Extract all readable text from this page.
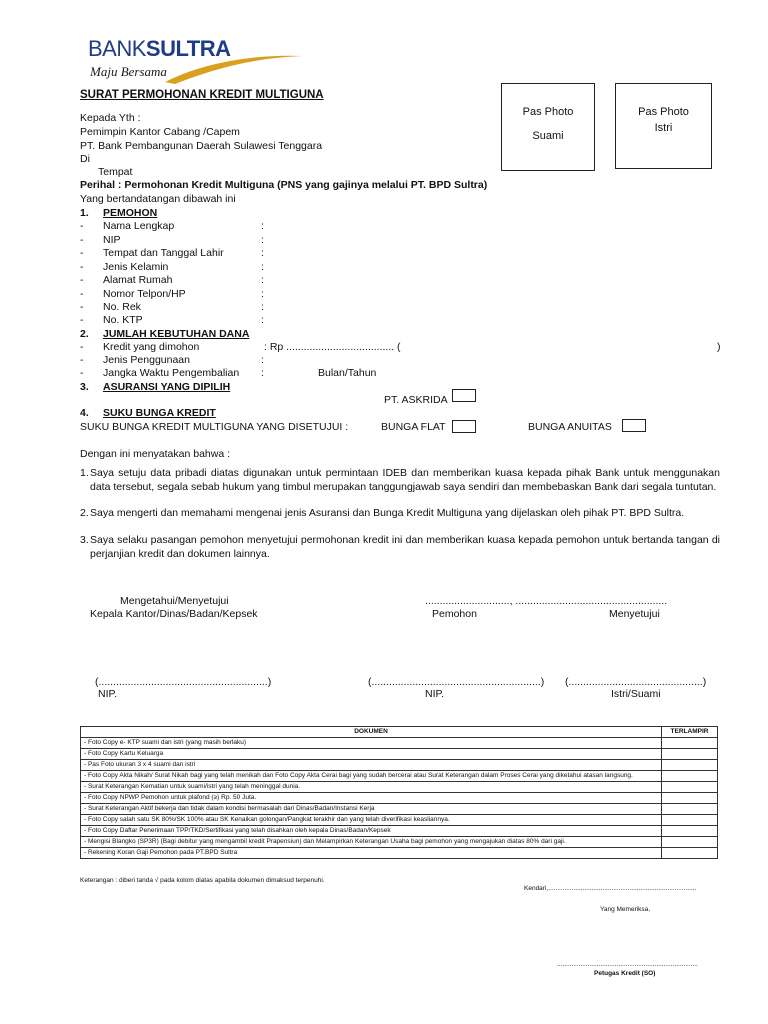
BANKSULTRA
Maju Bersama
SURAT PERMOHONAN KREDIT MULTIGUNA
Pas Photo
Suami
Pas Photo
Istri
Kepada Yth :
Pemimpin Kantor Cabang /Capem
PT. Bank Pembangunan Daerah Sulawesi Tenggara
Di
Tempat
Perihal : Permohonan Kredit Multiguna (PNS yang gajinya melalui PT. BPD Sultra)
Yang bertandatangan dibawah ini
1. PEMOHON
- Nama Lengkap	:
- NIP	:
- Tempat dan Tanggal Lahir	:
- Jenis Kelamin	:
- Alamat Rumah	:
- Nomor Telpon/HP	:
- No. Rek	:
- No. KTP	:
2. JUMLAH KEBUTUHAN DANA
- Kredit yang dimohon	: Rp ..................................... (	)
- Jenis Penggunaan	:
- Jangka Waktu Pengembalian :	Bulan/Tahun
3. ASURANSI YANG DIPILIH
PT. ASKRIDA
4. SUKU BUNGA KREDIT
SUKU BUNGA KREDIT MULTIGUNA YANG DISETUJUI :	BUNGA FLAT	BUNGA ANUITAS
Dengan ini menyatakan bahwa :
1. Saya setuju data pribadi diatas digunakan untuk permintaan IDEB dan memberikan kuasa kepada pihak Bank untuk menggunakan data tersebut, segala sebab hukum yang timbul merupakan tanggungjawab saya sendiri dan membebaskan Bank dari segala tuntutan.
2. Saya mengerti dan memahami mengenai jenis Asuransi dan Bunga Kredit Multiguna yang dijelaskan oleh pihak PT. BPD Sultra.
3. Saya selaku pasangan pemohon menyetujui permohonan kredit ini dan memberikan kuasa kepada pemohon untuk bertanda tangan di perjanjian kredit dan dokumen lainnya.
Mengetahui/Menyetujui
Kepala Kantor/Dinas/Badan/Kepsek
............................., ....................................................
Pemohon	Menyetujui
(..........................................................)	(..........................................................) (..............................................)
NIP.	NIP.	Istri/Suami
DOKUMEN	TERLAMPIR
- Foto Copy e- KTP suami dan istri (yang masih berlaku)	
- Foto Copy Kartu Keluarga	
- Pas Foto ukuran 3 x 4 suami dan istri	
- Foto Copy Akta Nikah/ Surat Nikah bagi yang telah menikah dan Foto Copy Akta Cerai bagi yang sudah bercerai atau Surat Keterangan dalam Proses Cerai yang diketahui atasan langsung.	
- Surat Keterangan Kematian untuk suami/istri yang telah meninggal dunia.	
- Foto Copy NPWP Pemohon untuk plafond (≥) Rp. 50 Juta.	
- Surat Keterangan Aktif bekerja dan tidak dalam kondisi bermasalah dari Dinas/Badan/Instansi Kerja	
- Foto Copy salah satu SK 80%/SK 100% atau SK Kenaikan golongan/Pangkat terakhir dan yang telah diverifikasi keasliannya.	
- Foto Copy Daftar Penerimaan TPP/TKD/Sertifikasi yang telah disahkan oleh kepala Dinas/Badan/Kepsek	
- Mengisi Blangko (SP3R) (Bagi debitur yang mengambil kredit Prapensiun) dan Melampirkan Keterangan Usaha bagi pemohon yang mengajukan diatas 80% dari gaji.	
- Rekening Koran Gaji Pemohon pada PT.BPD Sultra	
Keterangan : diberi tanda √ pada kolom diatas apabila dokumen dimaksud terpenuhi.
Kendari,..................................................................................
Yang Memeriksa,
..............................................................................
Petugas Kredit (SO)
